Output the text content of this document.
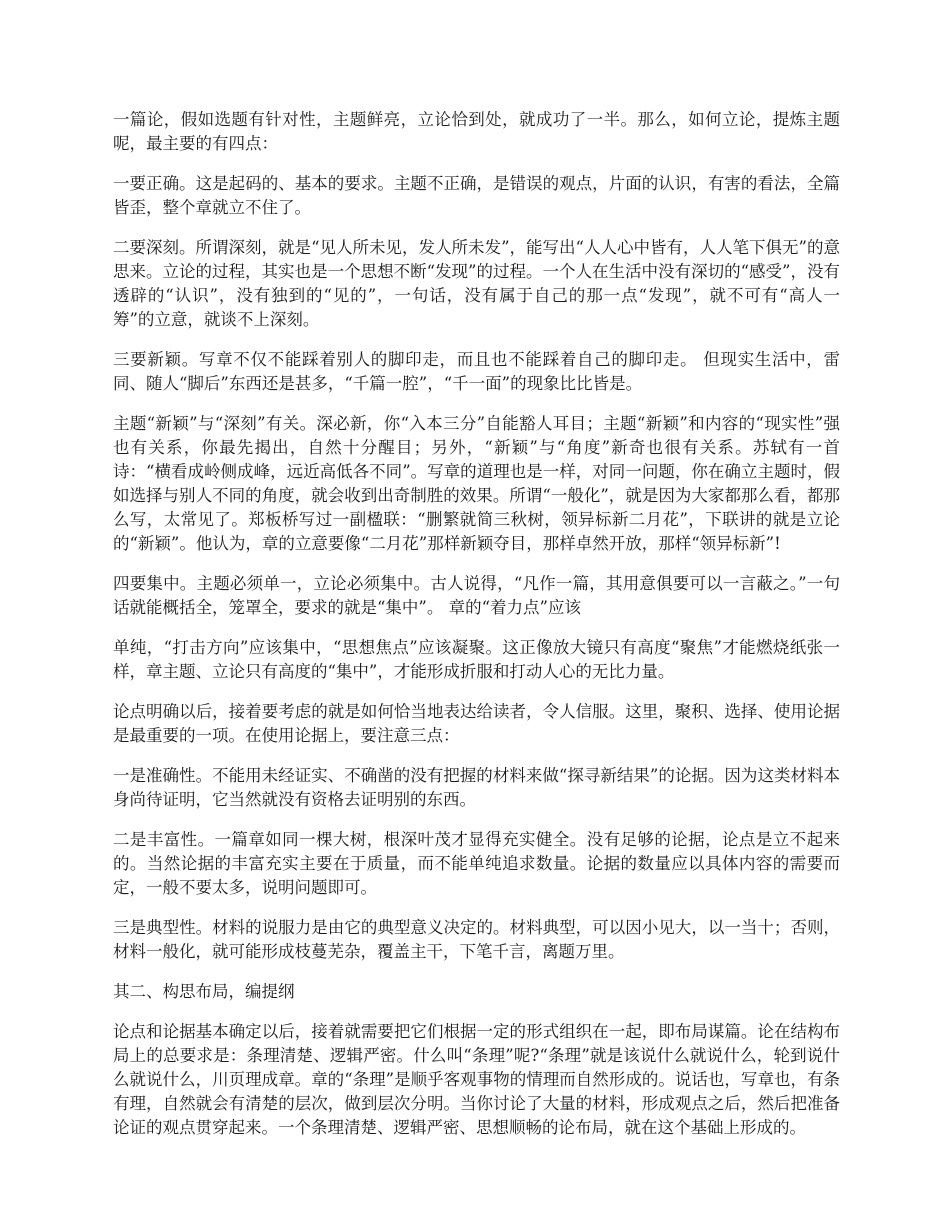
一篇论，假如选题有针对性，主题鲜亮，立论恰到处，就成功了一半。那么，如何立论，提炼主题呢，最主要的有四点：

一要正确。这是起码的、基本的要求。主题不正确，是错误的观点，片面的认识，有害的看法，全篇皆歪，整个章就立不住了。

二要深刻。所谓深刻，就是“见人所未见，发人所未发”，能写出“人人心中皆有，人人笔下俱无”的意思来。立论的过程，其实也是一个思想不断“发现”的过程。一个人在生活中没有深切的“感受”，没有透辟的“认识”，没有独到的“见的”，一句话，没有属于自己的那一点“发现”，就不可有“高人一筹”的立意，就谈不上深刻。

三要新颖。写章不仅不能踩着别人的脚印走，而且也不能踩着自己的脚印走。 但现实生活中，雷同、随人“脚后”东西还是甚多，“千篇一腔”，“千一面”的现象比比皆是。

主题“新颖”与“深刻”有关。深必新，你“入本三分”自能豁人耳目；主题“新颖”和内容的“现实性”强也有关系，你最先揭出，自然十分醒目；另外，“新颖”与“角度”新奇也很有关系。苏轼有一首诗：“横看成岭侧成峰，远近高低各不同”。写章的道理也是一样，对同一问题，你在确立主题时，假如选择与别人不同的角度，就会收到出奇制胜的效果。所谓“一般化”，就是因为大家都那么看，都那么写，太常见了。郑板桥写过一副楹联：“删繁就简三秋树，领异标新二月花”，下联讲的就是立论的“新颖”。他认为，章的立意要像“二月花”那样新颖夺目，那样卓然开放，那样“领异标新”!

四要集中。主题必须单一，立论必须集中。古人说得，“凡作一篇，其用意俱要可以一言蔽之。”一句话就能概括全，笼罩全，要求的就是“集中”。 章的“着力点”应该

单纯，“打击方向”应该集中，“思想焦点”应该凝聚。这正像放大镜只有高度“聚焦”才能燃烧纸张一样，章主题、立论只有高度的“集中”，才能形成折服和打动人心的无比力量。

论点明确以后，接着要考虑的就是如何恰当地表达给读者，令人信服。这里，聚积、选择、使用论据是最重要的一项。在使用论据上，要注意三点：

一是准确性。不能用未经证实、不确凿的没有把握的材料来做“探寻新结果”的论据。因为这类材料本身尚待证明，它当然就没有资格去证明别的东西。

二是丰富性。一篇章如同一棵大树，根深叶茂才显得充实健全。没有足够的论据，论点是立不起来的。当然论据的丰富充实主要在于质量，而不能单纯追求数量。论据的数量应以具体内容的需要而定，一般不要太多，说明问题即可。

三是典型性。材料的说服力是由它的典型意义决定的。材料典型，可以因小见大，以一当十；否则，材料一般化，就可能形成枝蔓芜杂，覆盖主干，下笔千言，离题万里。

其二、构思布局，编提纲

论点和论据基本确定以后，接着就需要把它们根据一定的形式组织在一起，即布局谋篇。论在结构布局上的总要求是：条理清楚、逻辑严密。什么叫“条理”呢?“条理”就是该说什么就说什么，轮到说什么就说什么，川页理成章。章的“条理”是顺乎客观事物的情理而自然形成的。说话也，写章也，有条有理，自然就会有清楚的层次，做到层次分明。当你讨论了大量的材料，形成观点之后，然后把准备论证的观点贯穿起来。一个条理清楚、逻辑严密、思想顺畅的论布局，就在这个基础上形成的。
